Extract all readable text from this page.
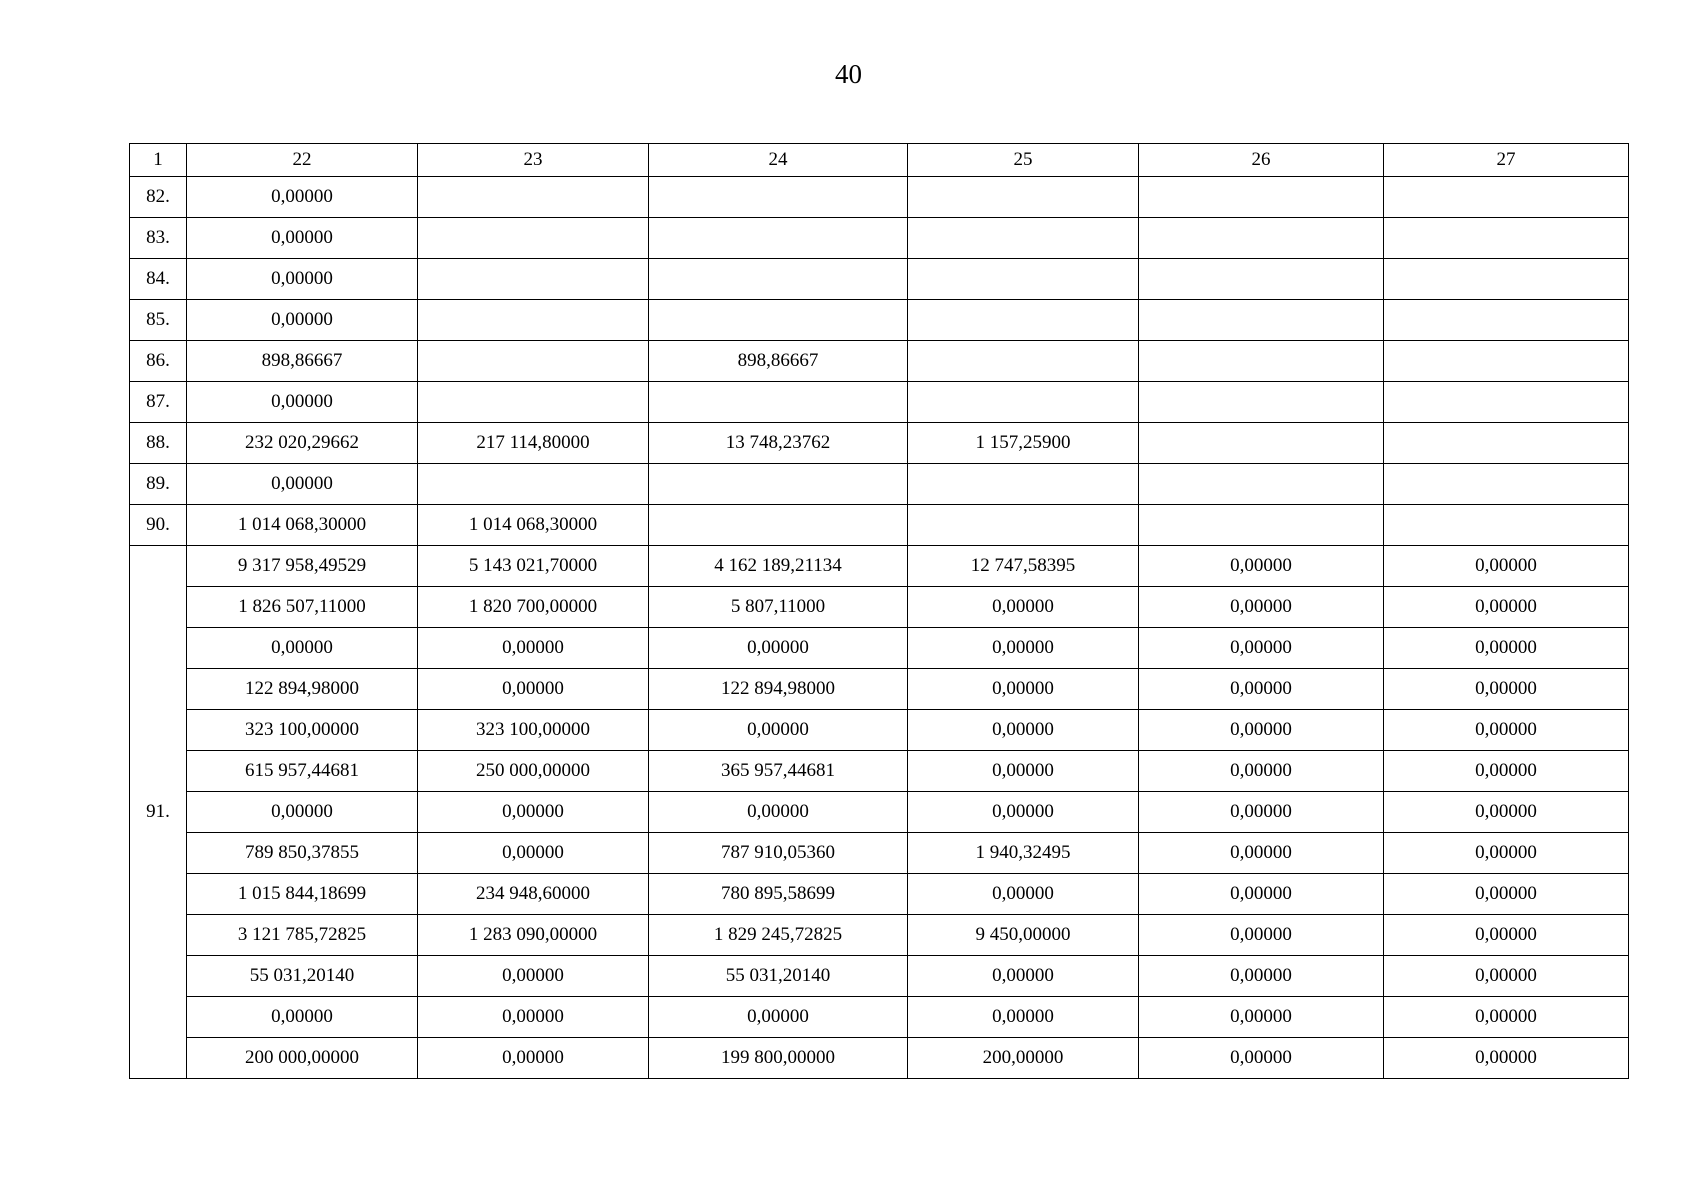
40
1	22	23	24	25	26	27
82.	0,00000					
83.	0,00000					
84.	0,00000					
85.	0,00000					
86.	898,86667		898,86667			
87.	0,00000					
88.	232 020,29662	217 114,80000	13 748,23762	1 157,25900		
89.	0,00000					
90.	1 014 068,30000	1 014 068,30000				
91.	9 317 958,49529	5 143 021,70000	4 162 189,21134	12 747,58395	0,00000	0,00000
	1 826 507,11000	1 820 700,00000	5 807,11000	0,00000	0,00000	0,00000
	0,00000	0,00000	0,00000	0,00000	0,00000	0,00000
	122 894,98000	0,00000	122 894,98000	0,00000	0,00000	0,00000
	323 100,00000	323 100,00000	0,00000	0,00000	0,00000	0,00000
	615 957,44681	250 000,00000	365 957,44681	0,00000	0,00000	0,00000
	0,00000	0,00000	0,00000	0,00000	0,00000	0,00000
	789 850,37855	0,00000	787 910,05360	1 940,32495	0,00000	0,00000
	1 015 844,18699	234 948,60000	780 895,58699	0,00000	0,00000	0,00000
	3 121 785,72825	1 283 090,00000	1 829 245,72825	9 450,00000	0,00000	0,00000
	55 031,20140	0,00000	55 031,20140	0,00000	0,00000	0,00000
	0,00000	0,00000	0,00000	0,00000	0,00000	0,00000
	200 000,00000	0,00000	199 800,00000	200,00000	0,00000	0,00000
